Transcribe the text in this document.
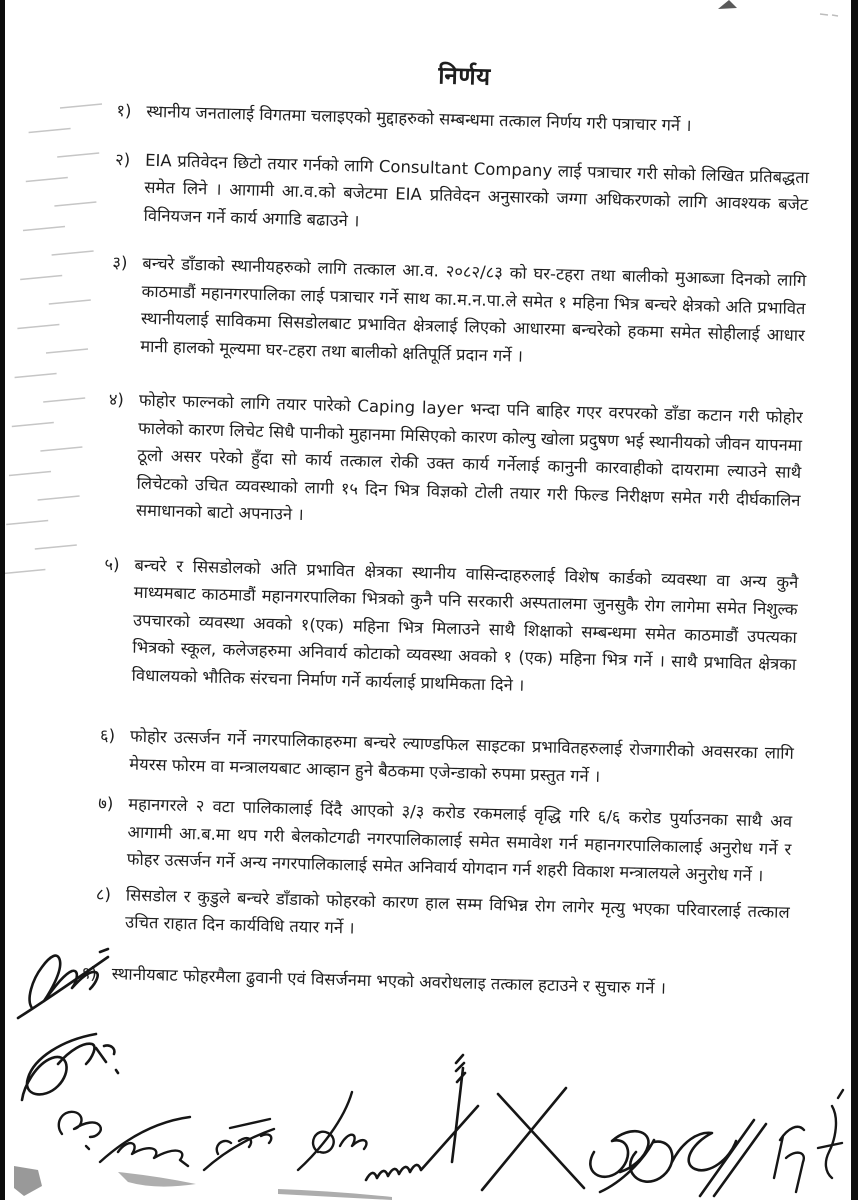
निर्णय
१) स्थानीय जनतालाई विगतमा चलाइएको मुद्दाहरुको सम्बन्धमा तत्काल निर्णय गरी पत्राचार गर्ने ।
२) EIA प्रतिवेदन छिटो तयार गर्नको लागि Consultant Company लाई पत्राचार गरी सोको लिखित प्रतिबद्धता समेत लिने । आगामी आ.व.को बजेटमा EIA प्रतिवेदन अनुसारको जग्गा अधिकरणको लागि आवश्यक बजेट विनियजन गर्ने कार्य अगाडि बढाउने ।
३) बन्चरे डाँडाको स्थानीयहरुको लागि तत्काल आ.व. २०८२/८३ को घर-टहरा तथा बालीको मुआब्जा दिनको लागि काठमाडौं महानगरपालिका लाई पत्राचार गर्ने साथ का.म.न.पा.ले समेत १ महिना भित्र बन्चरे क्षेत्रको अति प्रभावित स्थानीयलाई साविकमा सिसडोलबाट प्रभावित क्षेत्रलाई लिएको आधारमा बन्चरेको हकमा समेत सोहीलाई आधार मानी हालको मूल्यमा घर-टहरा तथा बालीको क्षतिपूर्ति प्रदान गर्ने ।
४) फोहोर फाल्नको लागि तयार पारेको Caping layer भन्दा पनि बाहिर गएर वरपरको डाँडा कटान गरी फोहोर फालेको कारण लिचेट सिधै पानीको मुहानमा मिसिएको कारण कोल्पु खोला प्रदुषण भई स्थानीयको जीवन यापनमा ठूलो असर परेको हुँदा सो कार्य तत्काल रोकी उक्त कार्य गर्नेलाई कानुनी कारवाहीको दायरामा ल्याउने साथै लिचेटको उचित व्यवस्थाको लागी १५ दिन भित्र विज्ञको टोली तयार गरी फिल्ड निरीक्षण समेत गरी दीर्घकालिन समाधानको बाटो अपनाउने ।
५) बन्चरे र सिसडोलको अति प्रभावित क्षेत्रका स्थानीय वासिन्दाहरुलाई विशेष कार्डको व्यवस्था वा अन्य कुनै माध्यमबाट काठमाडौं महानगरपालिका भित्रको कुनै पनि सरकारी अस्पतालमा जुनसुकै रोग लागेमा समेत निशुल्क उपचारको व्यवस्था अवको १(एक) महिना भित्र मिलाउने साथै शिक्षाको सम्बन्धमा समेत काठमाडौं उपत्यका भित्रको स्कूल, कलेजहरुमा अनिवार्य कोटाको व्यवस्था अवको १ (एक) महिना भित्र गर्ने । साथै प्रभावित क्षेत्रका विधालयको भौतिक संरचना निर्माण गर्ने कार्यलाई प्राथमिकता दिने ।
६) फोहोर उत्सर्जन गर्ने नगरपालिकाहरुमा बन्चरे ल्याण्डफिल साइटका प्रभावितहरुलाई रोजगारीको अवसरका लागि मेयरस फोरम वा मन्त्रालयबाट आव्हान हुने बैठकमा एजेन्डाको रुपमा प्रस्तुत गर्ने ।
७) महानगरले २ वटा पालिकालाई दिंदै आएको ३/३ करोड रकमलाई वृद्धि गरि ६/६ करोड पुर्याउनका साथै अव आगामी आ.ब.मा थप गरी बेलकोटगढी नगरपालिकालाई समेत समावेश गर्न महानगरपालिकालाई अनुरोध गर्ने र फोहर उत्सर्जन गर्ने अन्य नगरपालिकालाई समेत अनिवार्य योगदान गर्न शहरी विकाश मन्त्रालयले अनुरोध गर्ने ।
८) सिसडोल र कुडुले बन्चरे डाँडाको फोहरको कारण हाल सम्म विभिन्न रोग लागेर मृत्यु भएका परिवारलाई तत्काल उचित राहात दिन कार्यविधि तयार गर्ने ।
९) स्थानीयबाट फोहरमैला ढुवानी एवं विसर्जनमा भएको अवरोधलाइ तत्काल हटाउने र सुचारु गर्ने ।
